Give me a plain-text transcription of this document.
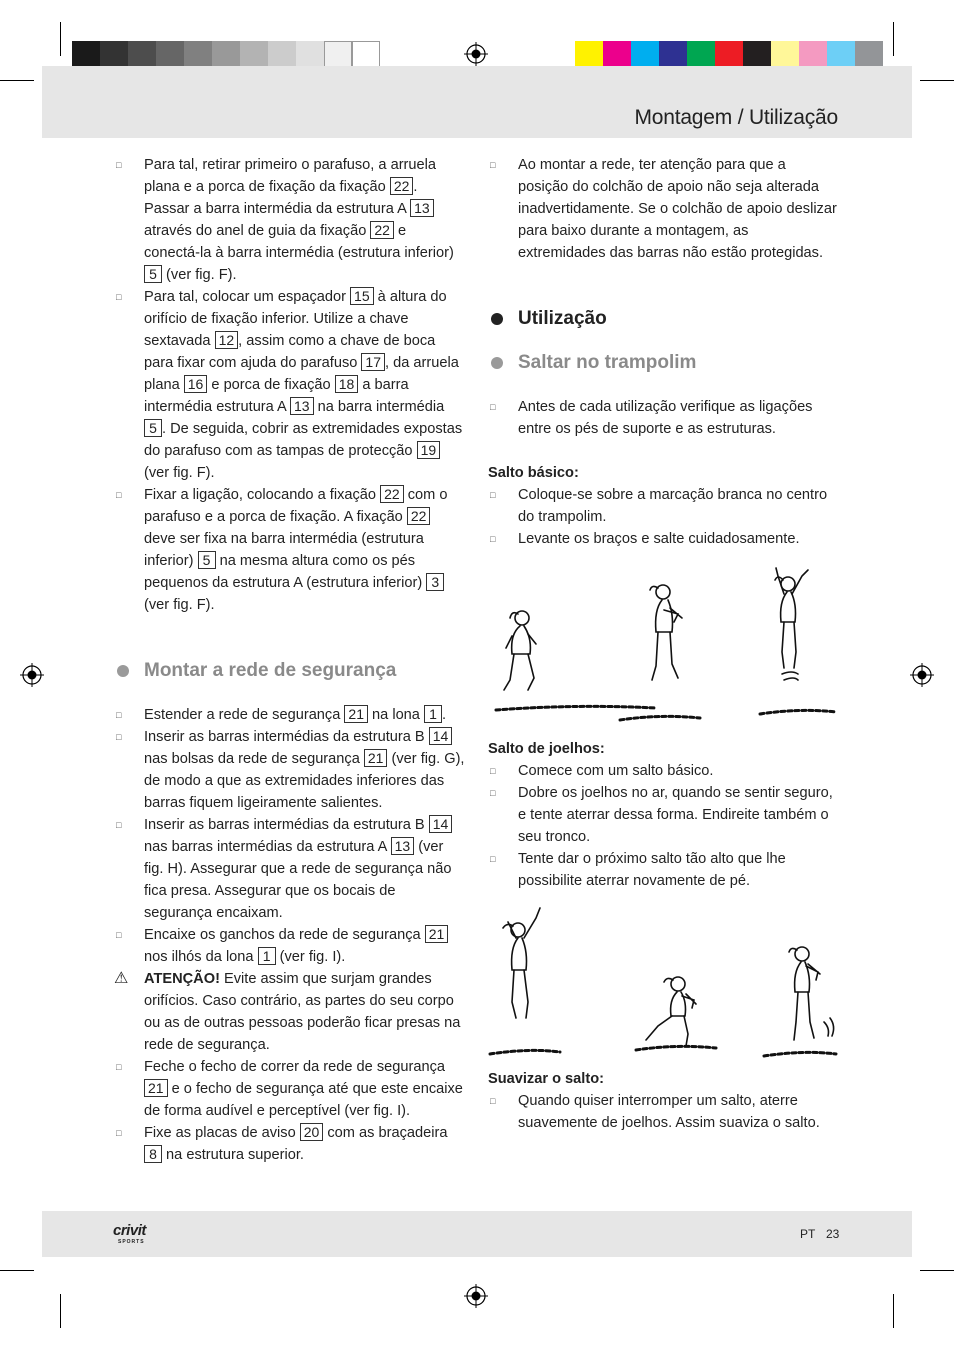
Montagem / Utilização
□ Para tal, retirar primeiro o parafuso, a arruela plana e a porca de fixação da fixação 22 . Passar a barra intermédia da estrutura A 13 através do anel de guia da fixação 22 e conectá-la à barra intermédia (estrutura inferior) 5 (ver fig. F).
□ Para tal, colocar um espaçador 15 à altura do orifício de fixação inferior. Utilize a chave sextavada 12 , assim como a chave de boca para fixar com ajuda do parafuso 17 , da arruela plana 16 e porca de fixação 18 a barra intermédia estrutura A 13 na barra intermédia 5 . De seguida, cobrir as extremidades expostas do parafuso com as tampas de protecção 19 (ver fig. F).
□ Fixar a ligação, colocando a fixação 22 com o parafuso e a porca de fixação. A fixação 22 deve ser fixa na barra intermédia (estrutura inferior) 5 na mesma altura como os pés pequenos da estrutura A (estrutura inferior) 3 (ver fig. F).
Montar a rede de segurança
□ Estender a rede de segurança 21 na lona 1 .
□ Inserir as barras intermédias da estrutura B 14 nas bolsas da rede de segurança 21 (ver fig. G), de modo a que as extremidades inferiores das barras fiquem ligeiramente salientes.
□ Inserir as barras intermédias da estrutura B 14 nas barras intermédias da estrutura A 13 (ver fig. H). Assegurar que a rede de segurança não fica presa. Assegurar que os bocais de segurança encaixam.
□ Encaixe os ganchos da rede de segurança 21 nos ilhós da lona 1 (ver fig. I).
⚠ ATENÇÃO! Evite assim que surjam grandes orifícios. Caso contrário, as partes do seu corpo ou as de outras pessoas poderão ficar presas na rede de segurança.
□ Feche o fecho de correr da rede de segurança 21 e o fecho de segurança até que este encaixe de forma audível e perceptível (ver fig. I).
□ Fixe as placas de aviso 20 com as braçadeira 8 na estrutura superior.
□ Ao montar a rede, ter atenção para que a posição do colchão de apoio não seja alterada inadvertidamente. Se o colchão de apoio deslizar para baixo durante a montagem, as extremidades das barras não estão protegidas.
Utilização
Saltar no trampolim
□ Antes de cada utilização verifique as ligações entre os pés de suporte e as estruturas.
Salto básico:
□ Coloque-se sobre a marcação branca no centro do trampolim.
□ Levante os braços e salte cuidadosamente.
Salto de joelhos:
□ Comece com um salto básico.
□ Dobre os joelhos no ar, quando se sentir seguro, e tente aterrar dessa forma. Endireite também o seu tronco.
□ Tente dar o próximo salto tão alto que lhe possibilite aterrar novamente de pé.
Suavizar o salto:
□ Quando quiser interromper um salto, aterre suavemente de joelhos. Assim suaviza o salto.
crivit
SPORTS
PT 23
